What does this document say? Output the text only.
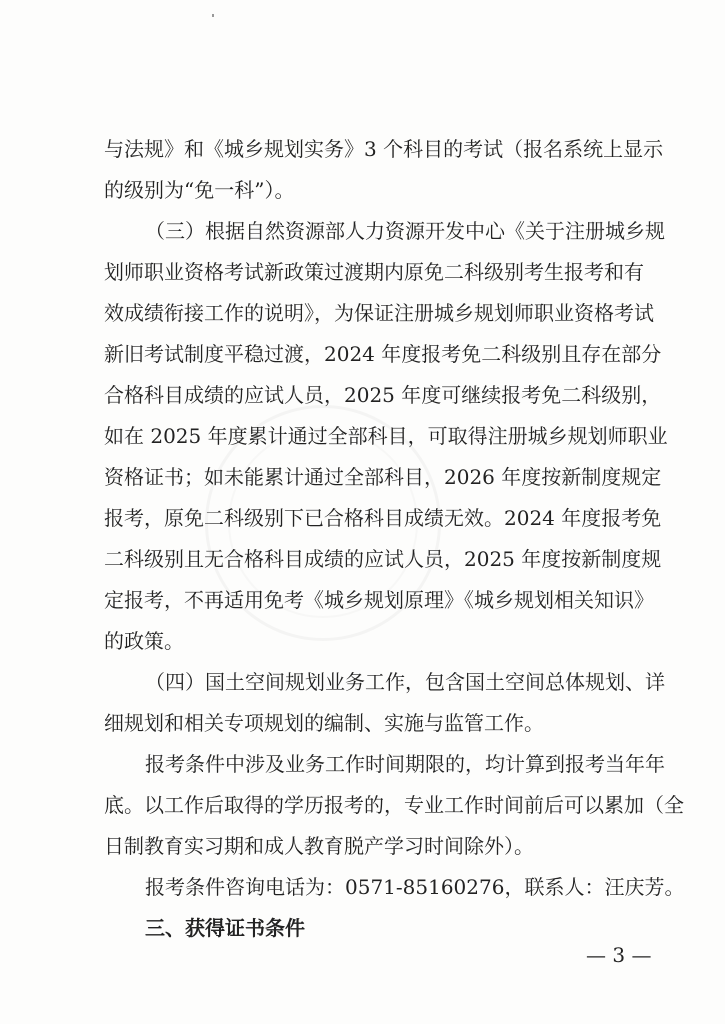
与法规》和《城乡规划实务》3 个科目的考试（报名系统上显示
的级别为“免一科”）。
（三）根据自然资源部人力资源开发中心《关于注册城乡规
划师职业资格考试新政策过渡期内原免二科级别考生报考和有
效成绩衔接工作的说明》，为保证注册城乡规划师职业资格考试
新旧考试制度平稳过渡，2024 年度报考免二科级别且存在部分
合格科目成绩的应试人员，2025 年度可继续报考免二科级别，
如在 2025 年度累计通过全部科目，可取得注册城乡规划师职业
资格证书；如未能累计通过全部科目，2026 年度按新制度规定
报考，原免二科级别下已合格科目成绩无效。2024 年度报考免
二科级别且无合格科目成绩的应试人员，2025 年度按新制度规
定报考，不再适用免考《城乡规划原理》《城乡规划相关知识》
的政策。
（四）国土空间规划业务工作，包含国土空间总体规划、详
细规划和相关专项规划的编制、实施与监管工作。
报考条件中涉及业务工作时间期限的，均计算到报考当年年
底。以工作后取得的学历报考的，专业工作时间前后可以累加（全
日制教育实习期和成人教育脱产学习时间除外）。
报考条件咨询电话为：0571-85160276，联系人：汪庆芳。
三、获得证书条件
— 3 —
